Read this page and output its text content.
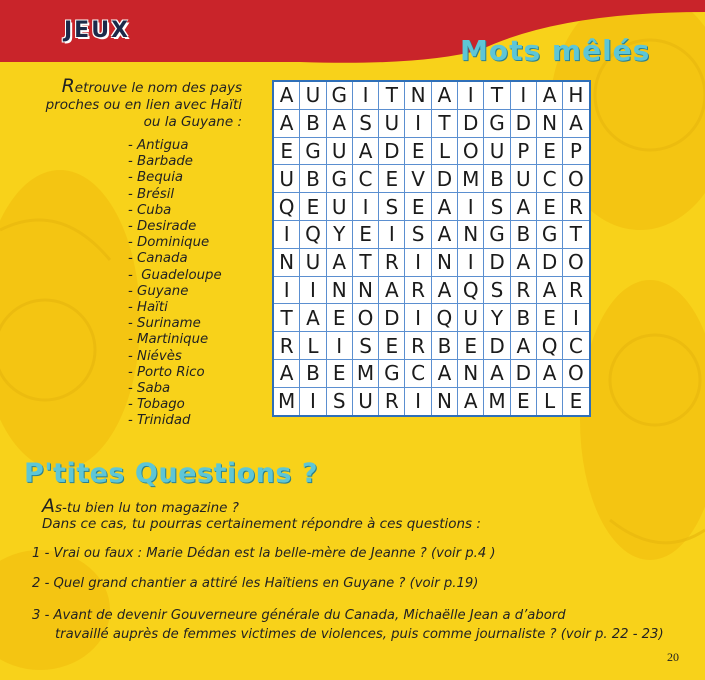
JEUX
Mots mêlés
Retrouve le nom des pays
proches ou en lien avec Haïti
ou la Guyane :
- Antigua
- Barbade
- Bequia
- Brésil
- Cuba
- Desirade
- Dominique
- Canada
-  Guadeloupe
- Guyane
- Haïti
- Suriname
- Martinique
- Niévès
- Porto Rico
- Saba
- Tobago
- Trinidad
A	U	G	I	T	N	A	I	T	I	A	H
A	B	A	S	U	I	T	D	G	D	N	A
E	G	U	A	D	E	L	O	U	P	E	P
U	B	G	C	E	V	D	M	B	U	C	O
Q	E	U	I	S	E	A	I	S	A	E	R
I	Q	Y	E	I	S	A	N	G	B	G	T
N	U	A	T	R	I	N	I	D	A	D	O
I	I	N	N	A	R	A	Q	S	R	A	R
T	A	E	O	D	I	Q	U	Y	B	E	I
R	L	I	S	E	R	B	E	D	A	Q	C
A	B	E	M	G	C	A	N	A	D	A	O
M	I	S	U	R	I	N	A	M	E	L	E
P'tites Questions ?
As-tu bien lu ton magazine ?
Dans ce cas, tu pourras certainement répondre à ces questions :
1 - Vrai ou faux : Marie Dédan est la belle-mère de Jeanne ? (voir p.4 )
2 - Quel grand chantier a attiré les Haïtiens en Guyane ? (voir p.19)
3 - Avant de devenir Gouverneure générale du Canada, Michaëlle Jean a d’abord
travaillé auprès de femmes victimes de violences, puis comme journaliste ? (voir p. 22 - 23)
20
